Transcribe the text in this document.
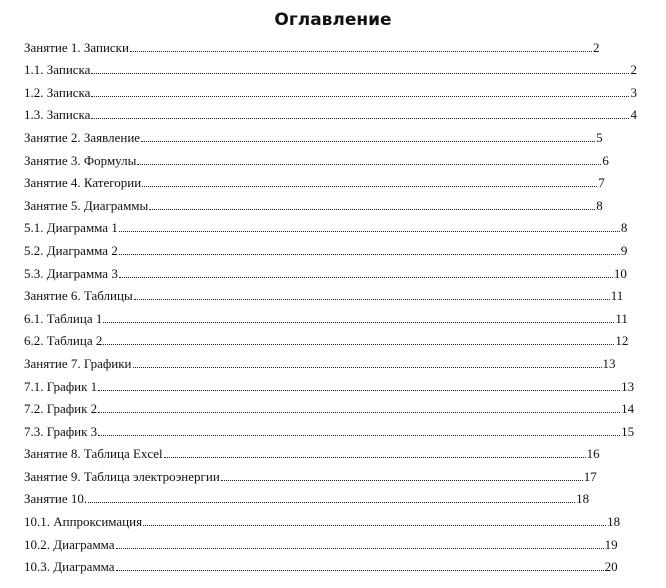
Оглавление
Занятие 1. Записки	2
1.1. Записка	2
1.2. Записка	3
1.3. Записка	4
Занятие 2. Заявление	5
Занятие 3. Формулы	6
Занятие 4. Категории	7
Занятие 5. Диаграммы	8
5.1. Диаграмма 1	8
5.2. Диаграмма 2	9
5.3. Диаграмма 3	10
Занятие 6. Таблицы	11
6.1. Таблица 1	11
6.2. Таблица 2	12
Занятие 7. Графики	13
7.1. График 1	13
7.2. График 2	14
7.3. График 3	15
Занятие 8. Таблица Excel	16
Занятие 9. Таблица электроэнергии	17
Занятие 10.	18
10.1. Аппроксимация	18
10.2. Диаграмма	19
10.3. Диаграмма	20
